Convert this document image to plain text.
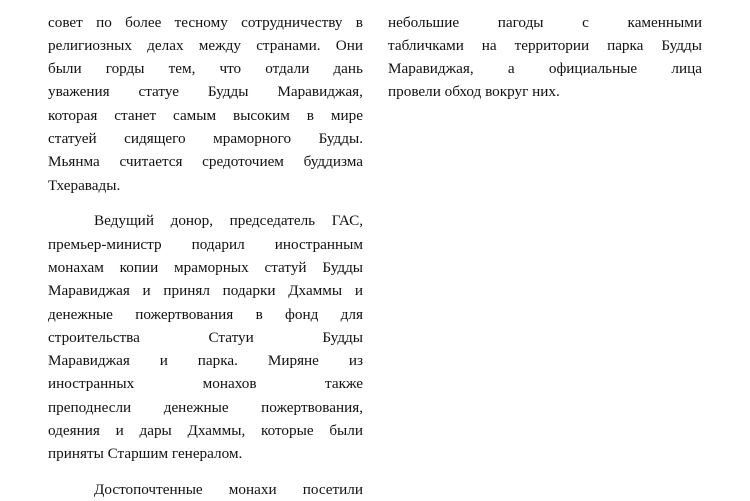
совет по более тесному сотрудничеству в
религиозных делах между странами. Они
были горды тем, что отдали дань
уважения статуе Будды Маравиджая,
которая станет самым высоким в мире
статуей сидящего мраморного Будды.
Мьянма считается средоточием буддизма
Тхеравады.
Ведущий донор, председатель ГАС,
премьер-министр подарил иностранным
монахам копии мраморных статуй Будды
Маравиджая и принял подарки Дхаммы и
денежные пожертвования в фонд для
строительства	Статуи	Будды
Маравиджая и парка. Миряне из
иностранных	монахов	также
преподнесли денежные пожертвования,
одеяния и дары Дхаммы, которые были
приняты Старшим генералом.
Достопочтенные монахи посетили
небольшие	пагоды	с	каменными
табличками на территории парка Будды
Маравиджая, а официальные лица
провели обход вокруг них.
